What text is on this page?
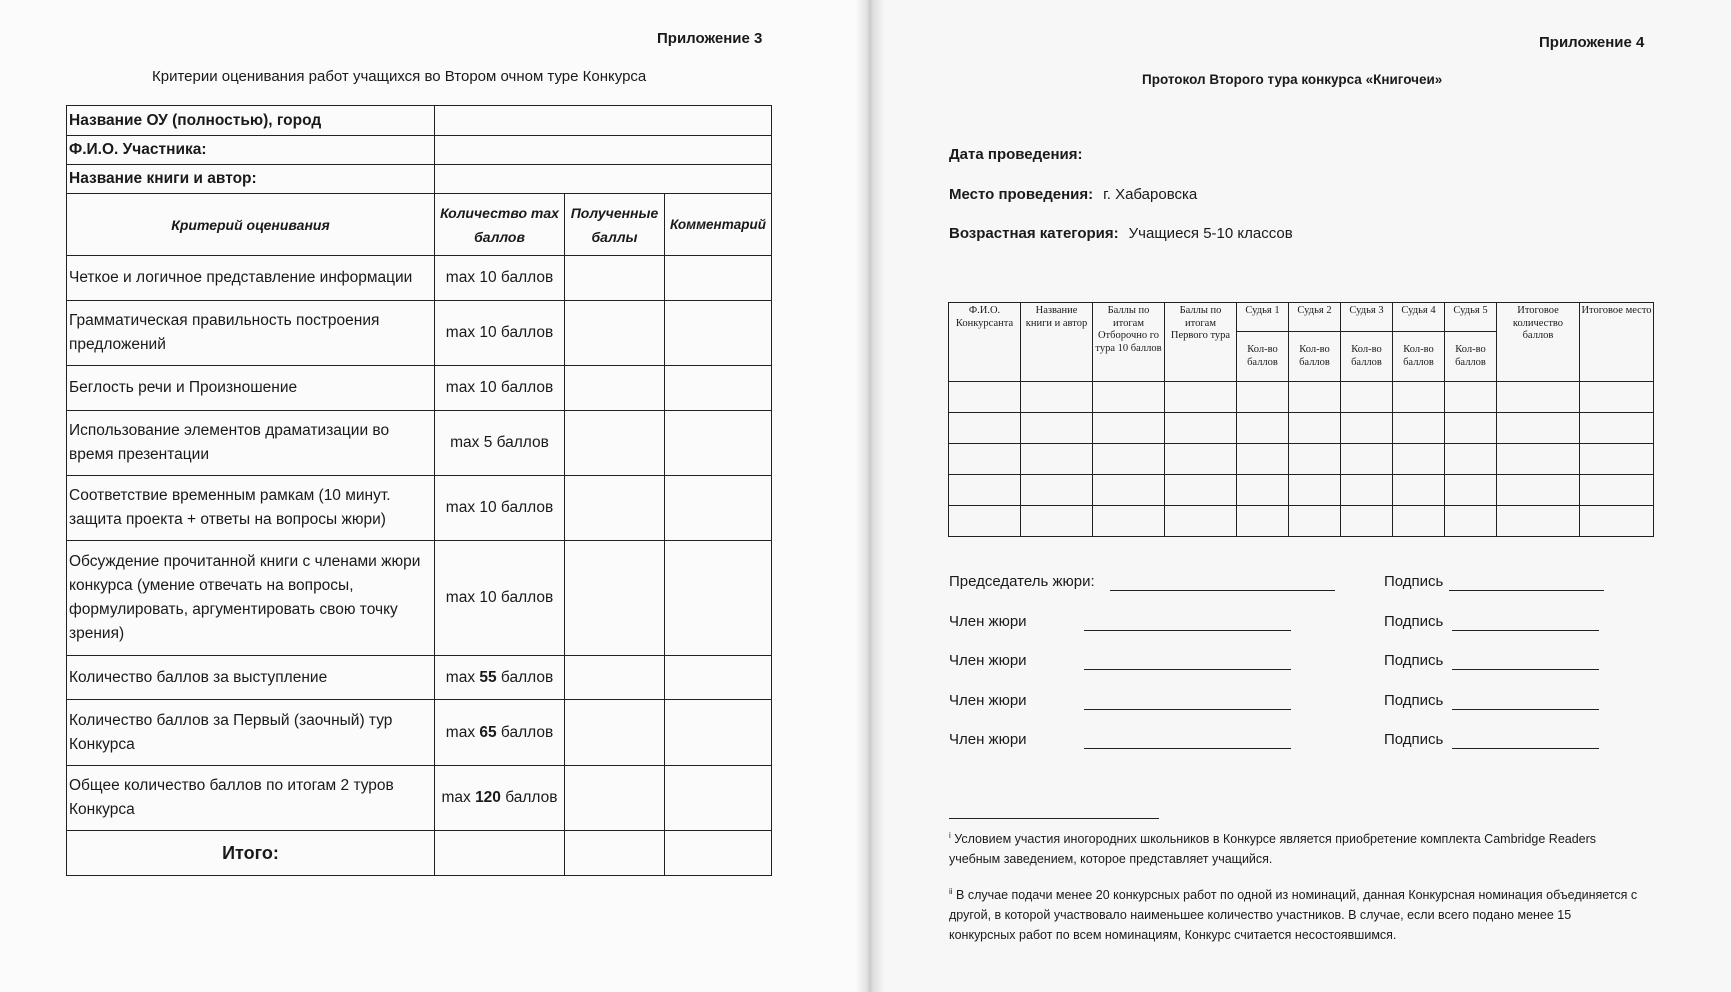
Приложение 3
Критерии оценивания работ учащихся во Втором очном туре Конкурса
Название ОУ (полностью), город			
Ф.И.О. Участника:			
Название книги и автор:			
Критерий оценивания	Количество max баллов	Полученные баллы	Комментарий
Четкое и логичное представление информации	max 10 баллов		
Грамматическая правильность построения предложений	max 10 баллов		
Беглость речи и Произношение	max 10 баллов		
Использование элементов драматизации во время презентации	max 5 баллов		
Соответствие временным рамкам (10 минут. защита проекта + ответы на вопросы жюри)	max 10 баллов		
Обсуждение прочитанной книги с членами жюри конкурса (умение отвечать на вопросы, формулировать, аргументировать свою точку зрения)	max 10 баллов		
Количество баллов за выступление	max 55 баллов		
Количество баллов за Первый (заочный) тур Конкурса	max 65 баллов		
Общее количество баллов по итогам 2 туров Конкурса	max 120 баллов		
Итого:			
Приложение 4
Протокол Второго тура конкурса «Книгочеи»
Дата проведения:
Место проведения: г. Хабаровска
Возрастная категория: Учащиеся 5-10 классов
Ф.И.О. Конкурсанта	Название книги и автор	Баллы по итогам Отборочно го тура 10 баллов	Баллы по итогам Первого тура	Судья 1	Судья 2	Судья 3	Судья 4	Судья 5	Итоговое количество баллов	Итоговое место
				Кол-во баллов	Кол-во баллов	Кол-во баллов	Кол-во баллов	Кол-во баллов		

Председатель жюри:	Подпись
Член жюри	Подпись
Член жюри	Подпись
Член жюри	Подпись
Член жюри	Подпись
$^i$ Условием участия иногородних школьников в Конкурсе является приобретение комплекта Cambridge Readers учебным заведением, которое представляет учащийся.
$^{ii}$ В случае подачи менее 20 конкурсных работ по одной из номинаций, данная Конкурсная номинация объединяется с другой, в которой участвовало наименьшее количество участников. В случае, если всего подано менее 15 конкурсных работ по всем номинациям, Конкурс считается несостоявшимся.
